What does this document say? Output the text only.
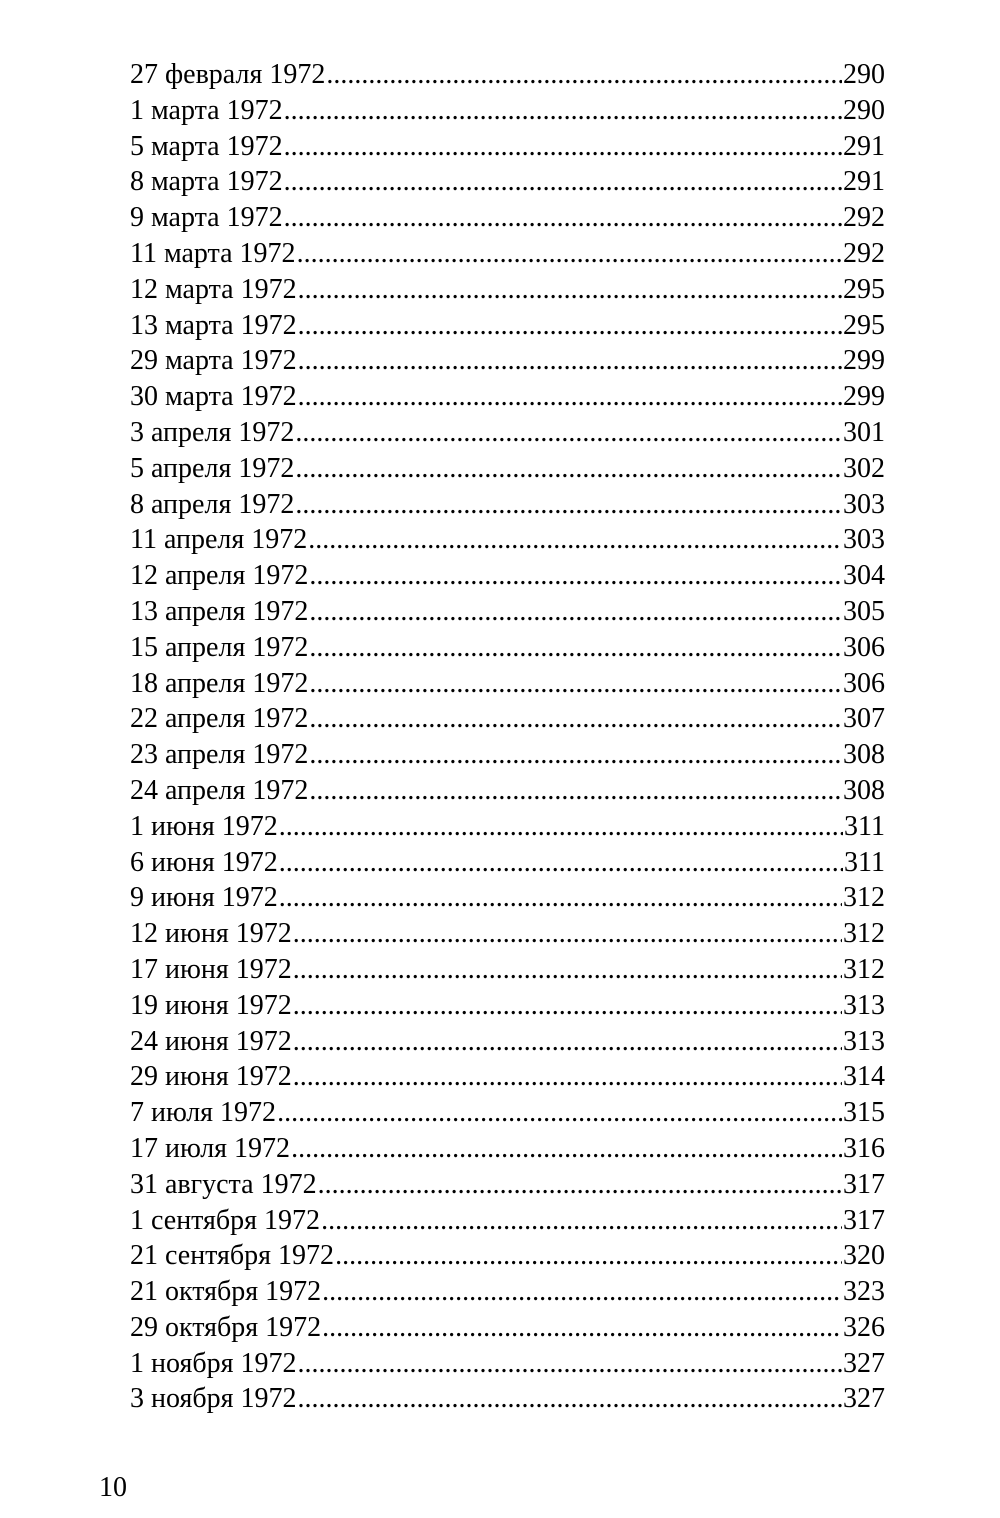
27 февраля 1972 .....	290
1 марта 1972 .....	290
5 марта 1972 .....	291
8 марта 1972 .....	291
9 марта 1972 .....	292
11 марта 1972 .....	292
12 марта 1972 .....	295
13 марта 1972 .....	295
29 марта 1972 .....	299
30 марта 1972 .....	299
3 апреля 1972 .....	301
5 апреля 1972 .....	302
8 апреля 1972 .....	303
11 апреля 1972 .....	303
12 апреля 1972 .....	304
13 апреля 1972 .....	305
15 апреля 1972 .....	306
18 апреля 1972 .....	306
22 апреля 1972 .....	307
23 апреля 1972 .....	308
24 апреля 1972 .....	308
1 июня 1972 .....	311
6 июня 1972 .....	311
9 июня 1972 .....	312
12 июня 1972 .....	312
17 июня 1972 .....	312
19 июня 1972 .....	313
24 июня 1972 .....	313
29 июня 1972 .....	314
7 июля 1972 .....	315
17 июля 1972 .....	316
31 августа 1972 .....	317
1 сентября 1972 .....	317
21 сентября 1972 .....	320
21 октября 1972 .....	323
29 октября 1972 .....	326
1 ноября 1972 .....	327
3 ноября 1972 .....	327
10
